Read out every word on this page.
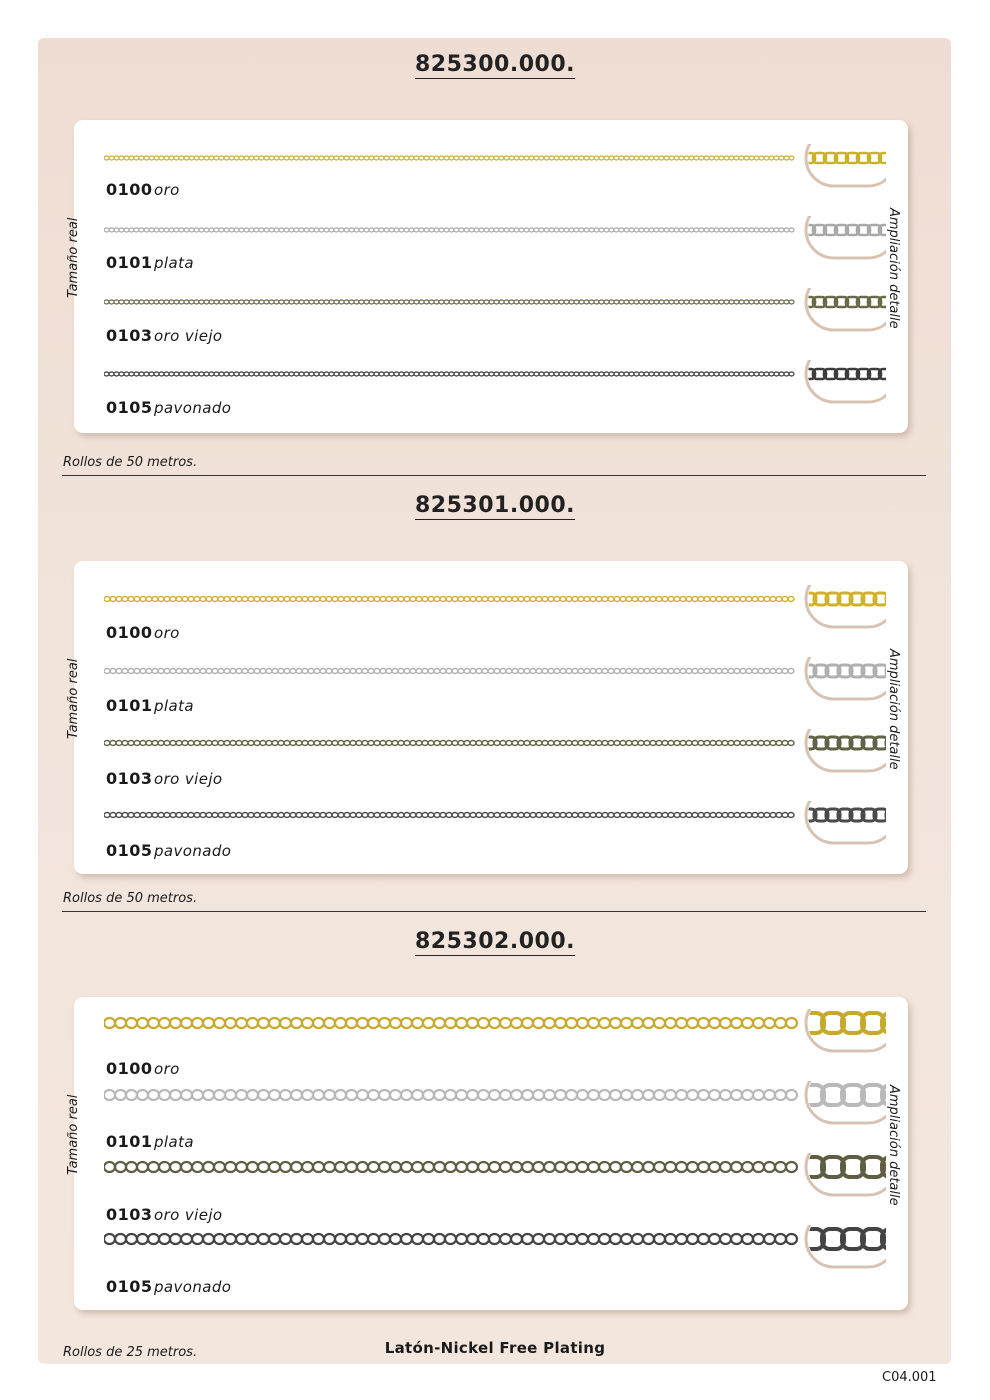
825300.000.
Tamaño real	Ampliación detalle
0100 oro
0101 plata
0103 oro viejo
0105 pavonado
Rollos de 50 metros.
825301.000.
Tamaño real	Ampliación detalle
0100 oro
0101 plata
0103 oro viejo
0105 pavonado
Rollos de 50 metros.
825302.000.
Tamaño real	Ampliación detalle
0100 oro
0101 plata
0103 oro viejo
0105 pavonado
Rollos de 25 metros.	Latón-Nickel Free Plating
C04.001
